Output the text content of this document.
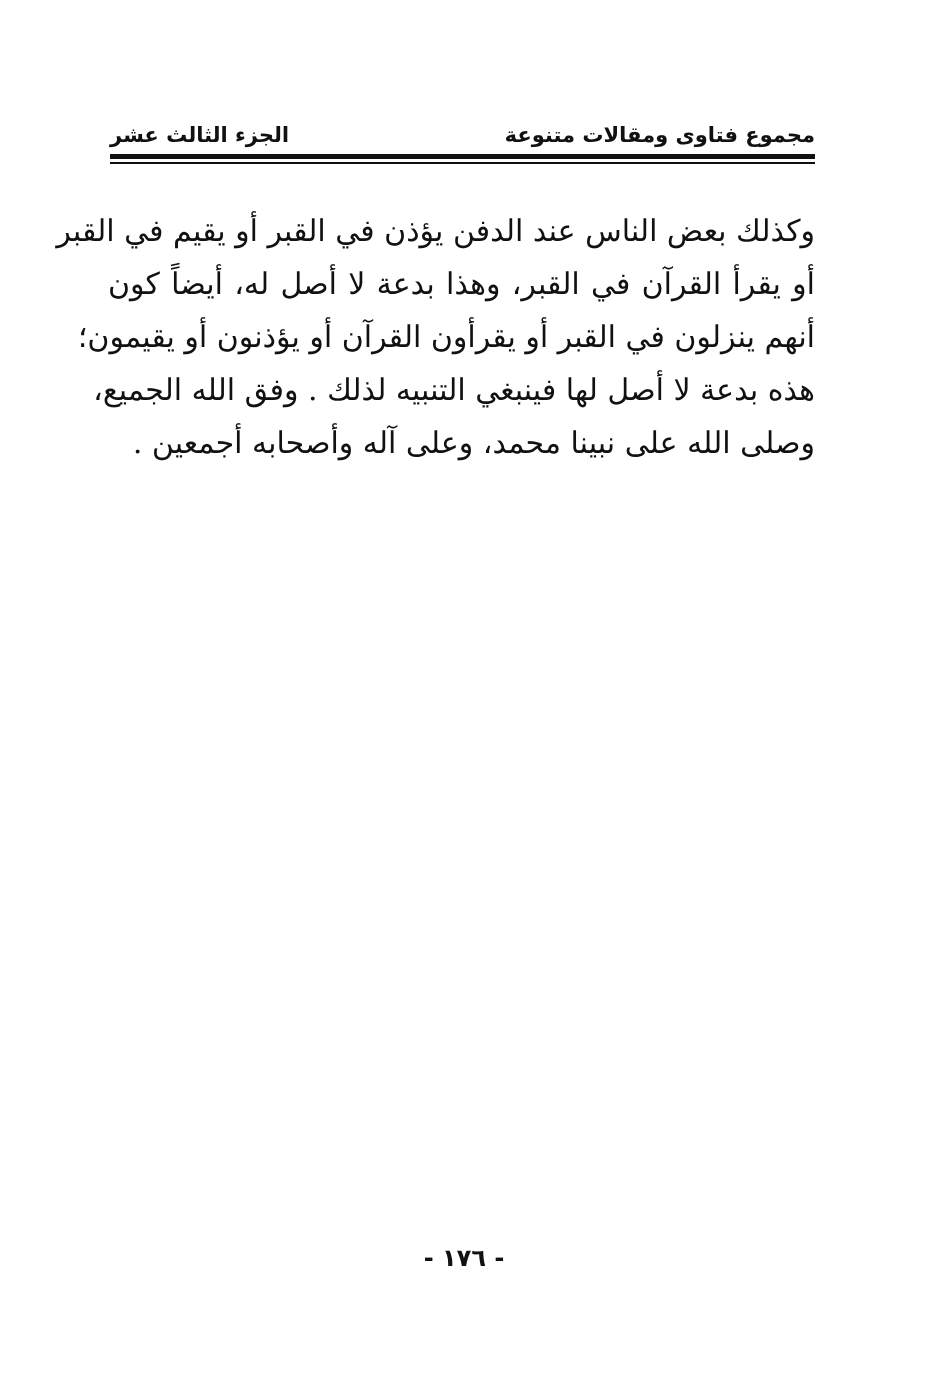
مجموع فتاوى ومقالات متنوعة
الجزء الثالث عشر
وكذلك بعض الناس عند الدفن يؤذن في القبر أو يقيم في القبر
أو يقرأ القرآن في القبر، وهذا بدعة لا أصل له، أيضاً كون
أنهم ينزلون في القبر أو يقرأون القرآن أو يؤذنون أو يقيمون؛
هذه بدعة لا أصل لها فينبغي التنبيه لذلك . وفق الله الجميع،
وصلى الله على نبينا محمد، وعلى آله وأصحابه أجمعين .
- ١٧٦ -
